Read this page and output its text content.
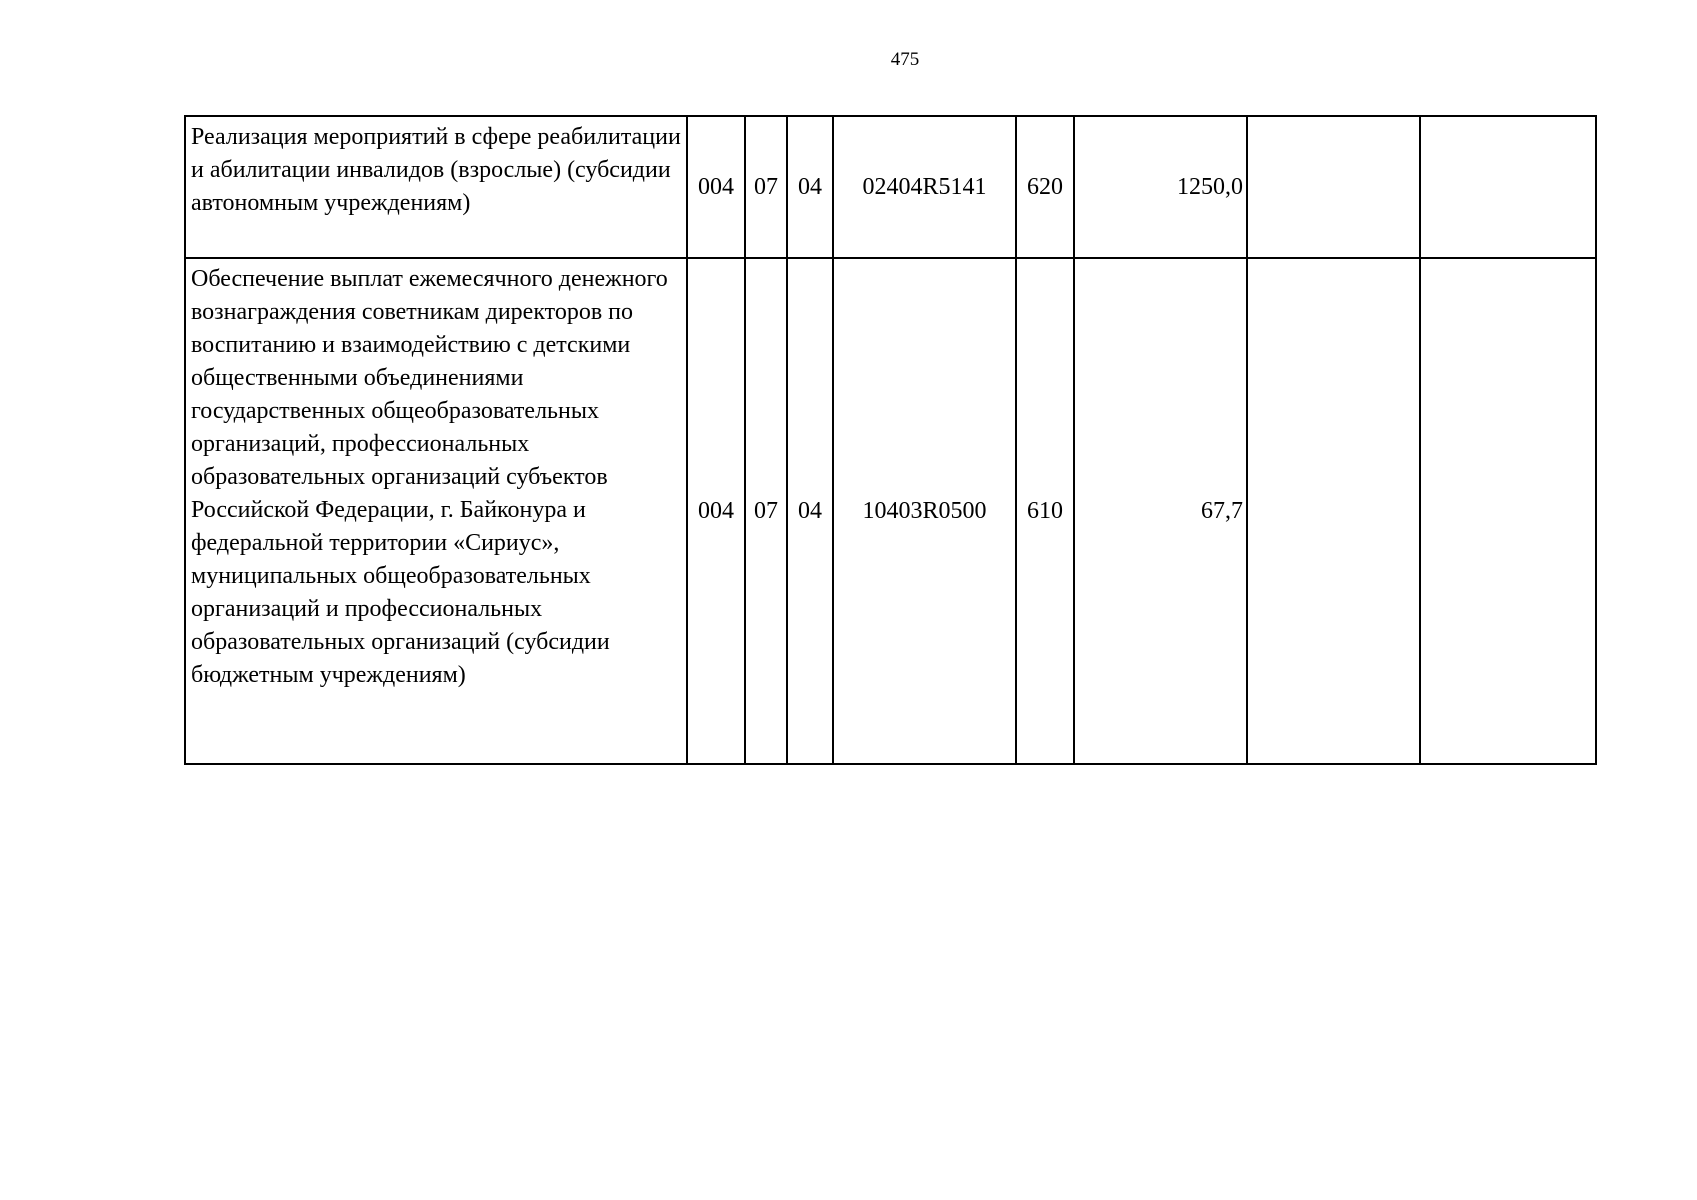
475
Реализация мероприятий в сфере реабилитации и абилитации инвалидов (взрослые) (субсидии автономным учреждениям)	004	07	04	02404R5141	620	1250,0		
Обеспечение выплат ежемесячного денежного вознаграждения советникам директоров по воспитанию и взаимодействию с детскими общественными объединениями государственных общеобразовательных организаций, профессиональных образовательных организаций субъектов Российской Федерации, г. Байконура и федеральной территории «Сириус», муниципальных общеобразовательных организаций и профессиональных образовательных организаций (субсидии бюджетным учреждениям)	004	07	04	10403R0500	610	67,7		
